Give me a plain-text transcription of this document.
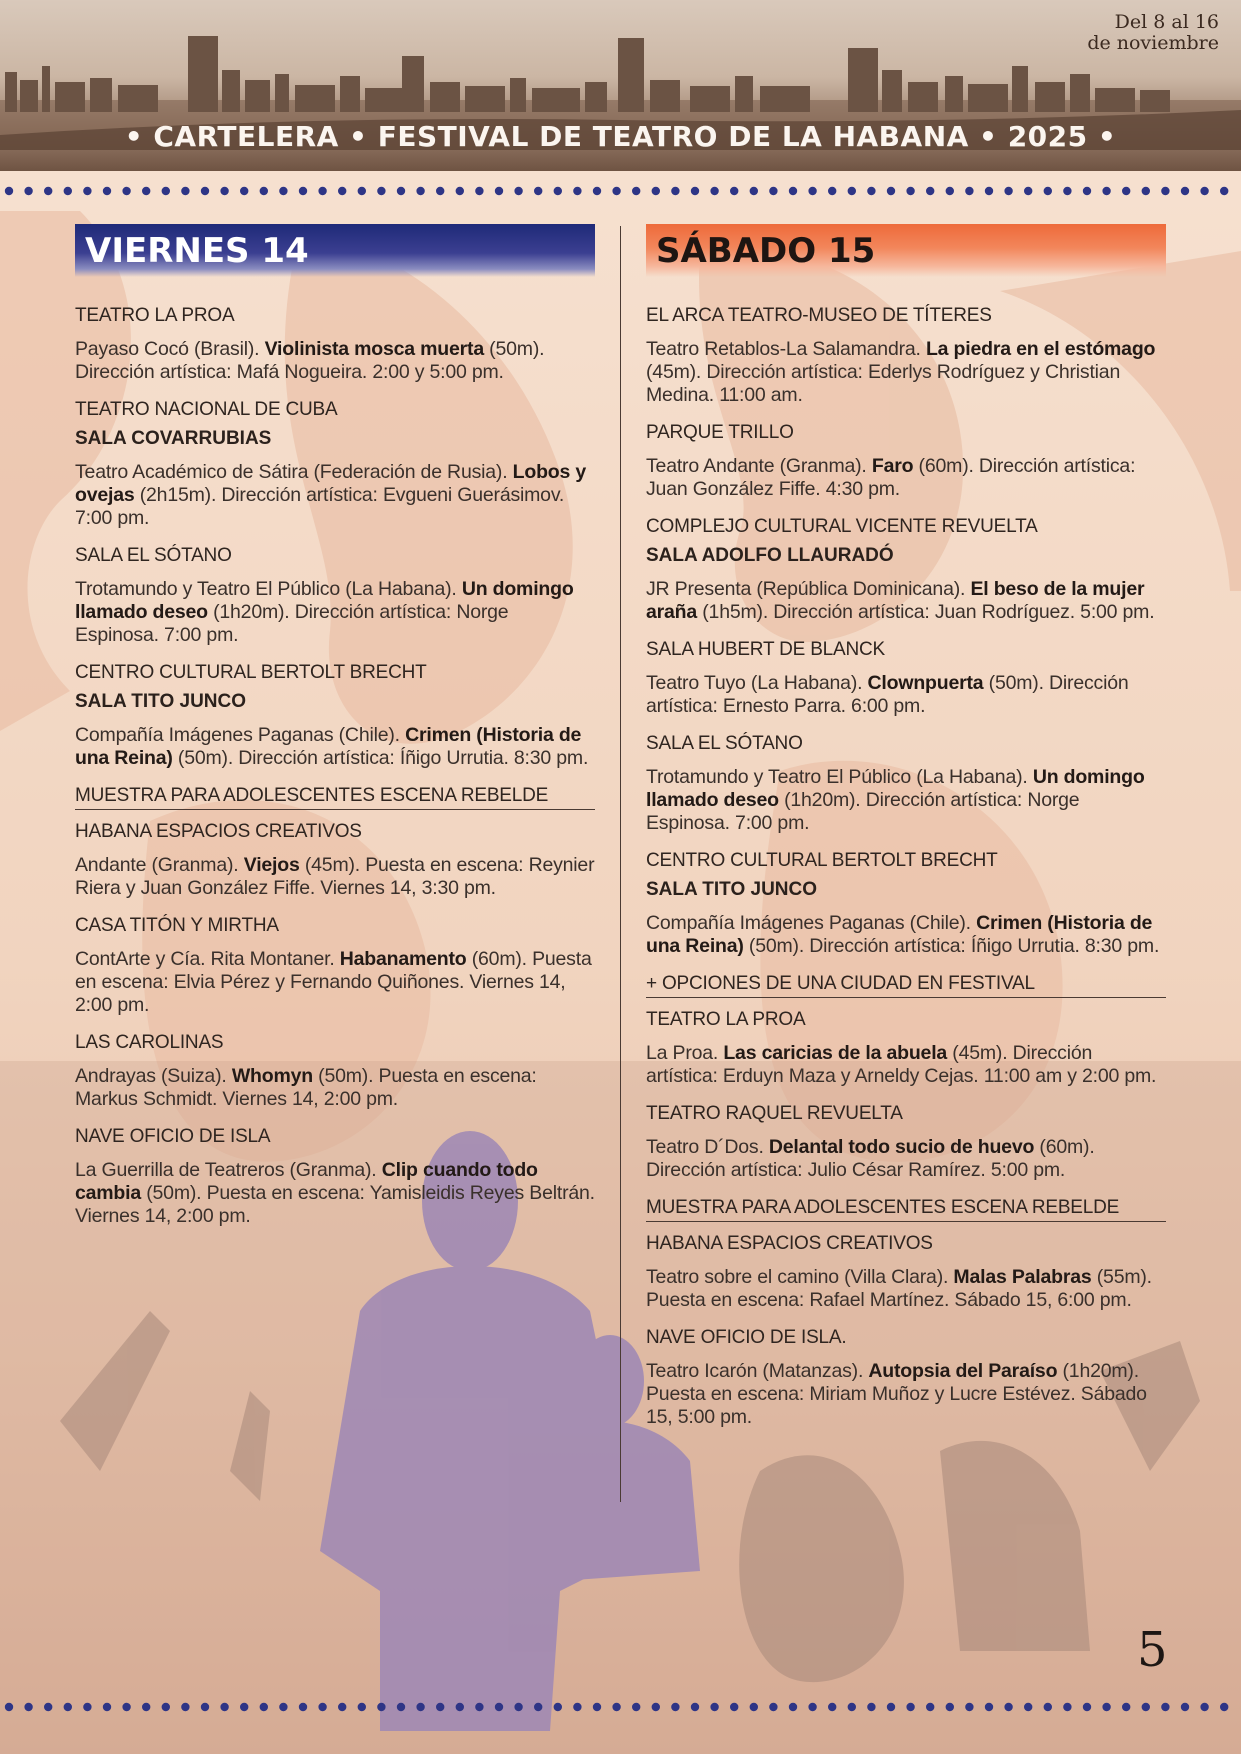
Del 8 al 16
de noviembre
• CARTELERA • FESTIVAL DE TEATRO DE LA HABANA • 2025 •
VIERNES 14
TEATRO LA PROA
Payaso Cocó (Brasil). Violinista mosca muerta (50m). Dirección artística: Mafá Nogueira. 2:00 y 5:00 pm.
TEATRO NACIONAL DE CUBA
SALA COVARRUBIAS
Teatro Académico de Sátira (Federación de Rusia). Lobos y ovejas (2h15m). Dirección artística: Evgueni Guerásimov. 7:00 pm.
SALA EL SÓTANO
Trotamundo y Teatro El Público (La Habana). Un domingo llamado deseo (1h20m). Dirección artística: Norge Espinosa. 7:00 pm.
CENTRO CULTURAL BERTOLT BRECHT
SALA TITO JUNCO
Compañía Imágenes Paganas (Chile). Crimen (Historia de una Reina) (50m). Dirección artística: Íñigo Urrutia. 8:30 pm.
MUESTRA PARA ADOLESCENTES ESCENA REBELDE
HABANA ESPACIOS CREATIVOS
Andante (Granma). Viejos (45m). Puesta en escena: Reynier Riera y Juan González Fiffe. Viernes 14, 3:30 pm.
CASA TITÓN Y MIRTHA
ContArte y Cía. Rita Montaner. Habanamento (60m). Puesta en escena: Elvia Pérez y Fernando Quiñones. Viernes 14, 2:00 pm.
LAS CAROLINAS
Andrayas (Suiza). Whomyn (50m). Puesta en escena: Markus Schmidt. Viernes 14, 2:00 pm.
NAVE OFICIO DE ISLA
La Guerrilla de Teatreros (Granma). Clip cuando todo cambia (50m). Puesta en escena: Yamisleidis Reyes Beltrán. Viernes 14, 2:00 pm.
SÁBADO 15
EL ARCA TEATRO-MUSEO DE TÍTERES
Teatro Retablos-La Salamandra. La piedra en el estómago (45m). Dirección artística: Ederlys Rodríguez y Christian Medina. 11:00 am.
PARQUE TRILLO
Teatro Andante (Granma). Faro (60m). Dirección artística: Juan González Fiffe. 4:30 pm.
COMPLEJO CULTURAL VICENTE REVUELTA
SALA ADOLFO LLAURADÓ
JR Presenta (República Dominicana). El beso de la mujer araña (1h5m). Dirección artística: Juan Rodríguez. 5:00 pm.
SALA HUBERT DE BLANCK
Teatro Tuyo (La Habana). Clownpuerta (50m). Dirección artística: Ernesto Parra. 6:00 pm.
SALA EL SÓTANO
Trotamundo y Teatro El Público (La Habana). Un domingo llamado deseo (1h20m). Dirección artística: Norge Espinosa. 7:00 pm.
CENTRO CULTURAL BERTOLT BRECHT
SALA TITO JUNCO
Compañía Imágenes Paganas (Chile). Crimen (Historia de una Reina) (50m). Dirección artística: Íñigo Urrutia. 8:30 pm.
+ OPCIONES DE UNA CIUDAD EN FESTIVAL
TEATRO LA PROA
La Proa. Las caricias de la abuela (45m). Dirección artística: Erduyn Maza y Arneldy Cejas. 11:00 am y 2:00 pm.
TEATRO RAQUEL REVUELTA
Teatro D´Dos. Delantal todo sucio de huevo (60m). Dirección artística: Julio César Ramírez. 5:00 pm.
MUESTRA PARA ADOLESCENTES ESCENA REBELDE
HABANA ESPACIOS CREATIVOS
Teatro sobre el camino (Villa Clara). Malas Palabras (55m). Puesta en escena: Rafael Martínez. Sábado 15, 6:00 pm.
NAVE OFICIO DE ISLA.
Teatro Icarón (Matanzas). Autopsia del Paraíso (1h20m). Puesta en escena: Miriam Muñoz y Lucre Estévez. Sábado 15, 5:00 pm.
5
